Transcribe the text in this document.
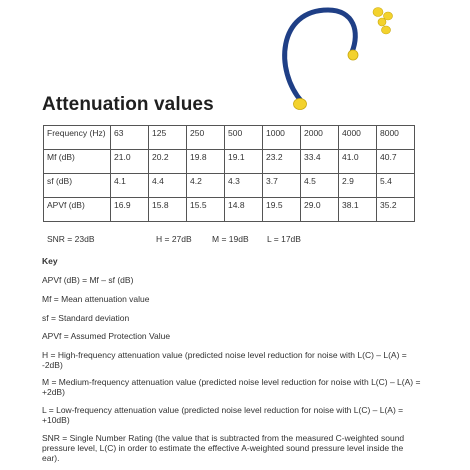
Attenuation values
Frequency (Hz)	63	125	250	500	1000	2000	4000	8000
Mf (dB)	21.0	20.2	19.8	19.1	23.2	33.4	41.0	40.7
sf (dB)	4.1	4.4	4.2	4.3	3.7	4.5	2.9	5.4
APVf (dB)	16.9	15.8	15.5	14.8	19.5	29.0	38.1	35.2
SNR = 23dB	H = 27dB M = 19dB L = 17dB
Key

APVf (dB) = Mf – sf (dB)

Mf = Mean attenuation value

sf = Standard deviation

APVf = Assumed Protection Value

H = High-frequency attenuation value (predicted noise level reduction for noise with L(C) – L(A) = -2dB)

M = Medium-frequency attenuation value (predicted noise level reduction for noise with L(C) – L(A) = +2dB)

L = Low-frequency attenuation value (predicted noise level reduction for noise with L(C) – L(A) = +10dB)

SNR = Single Number Rating (the value that is subtracted from the measured C-weighted sound pressure level, L(C) in order to estimate the effective A-weighted sound pressure level inside the ear).
